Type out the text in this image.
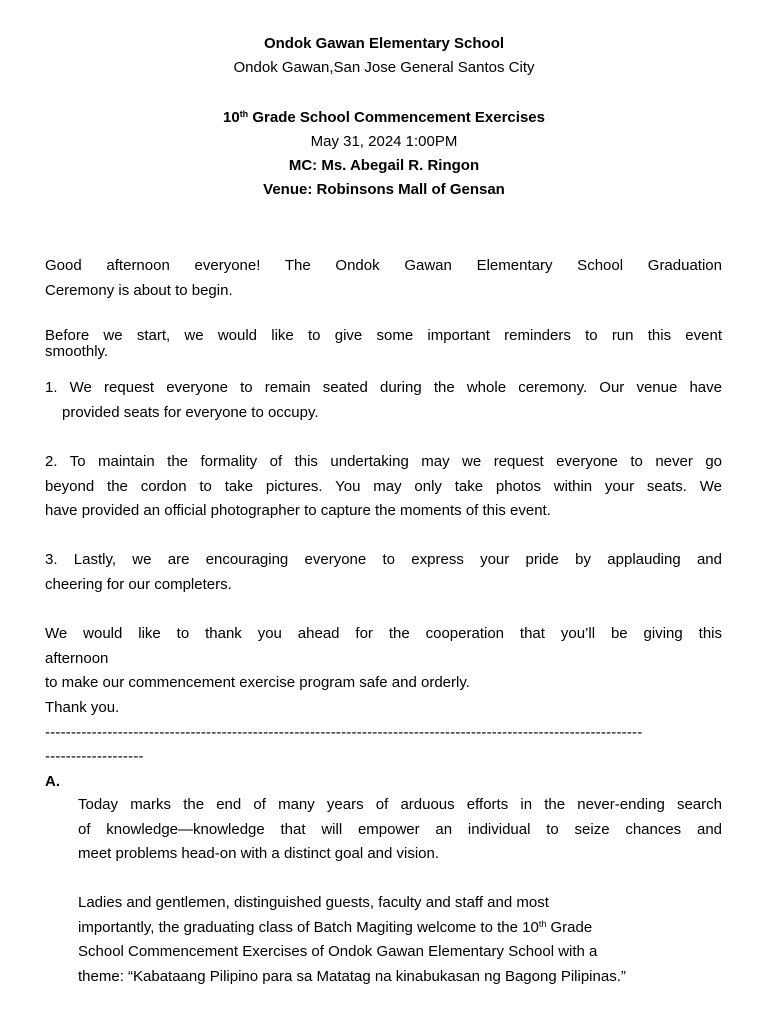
Ondok Gawan Elementary School
Ondok Gawan,San Jose General Santos City
10th Grade School Commencement Exercises
May 31, 2024 1:00PM
MC: Ms. Abegail R. Ringon
Venue: Robinsons Mall of Gensan
Good afternoon everyone! The Ondok Gawan Elementary School Graduation
Ceremony is about to begin.
Before we start, we would like to give some important reminders to run this event
smoothly.
1. We request everyone to remain seated during the whole ceremony. Our venue have
provided seats for everyone to occupy.
2. To maintain the formality of this undertaking may we request everyone to never go
beyond the cordon to take pictures. You may only take photos within your seats. We
have provided an official photographer to capture the moments of this event.
3. Lastly, we are encouraging everyone to express your pride by applauding and
cheering for our completers.
We would like to thank you ahead for the cooperation that you’ll be giving this
afternoon
to make our commencement exercise program safe and orderly.
Thank you.
-------------------------------------------------------------------------------------------------------------------
-------------------
A.
Today marks the end of many years of arduous efforts in the never-ending search
of knowledge—knowledge that will empower an individual to seize chances and
meet problems head-on with a distinct goal and vision.
Ladies and gentlemen, distinguished guests, faculty and staff and most
importantly, the graduating class of Batch Magiting welcome to the 10th Grade
School Commencement Exercises of Ondok Gawan Elementary School with a
theme: “Kabataang Pilipino para sa Matatag na kinabukasan ng Bagong Pilipinas.”
